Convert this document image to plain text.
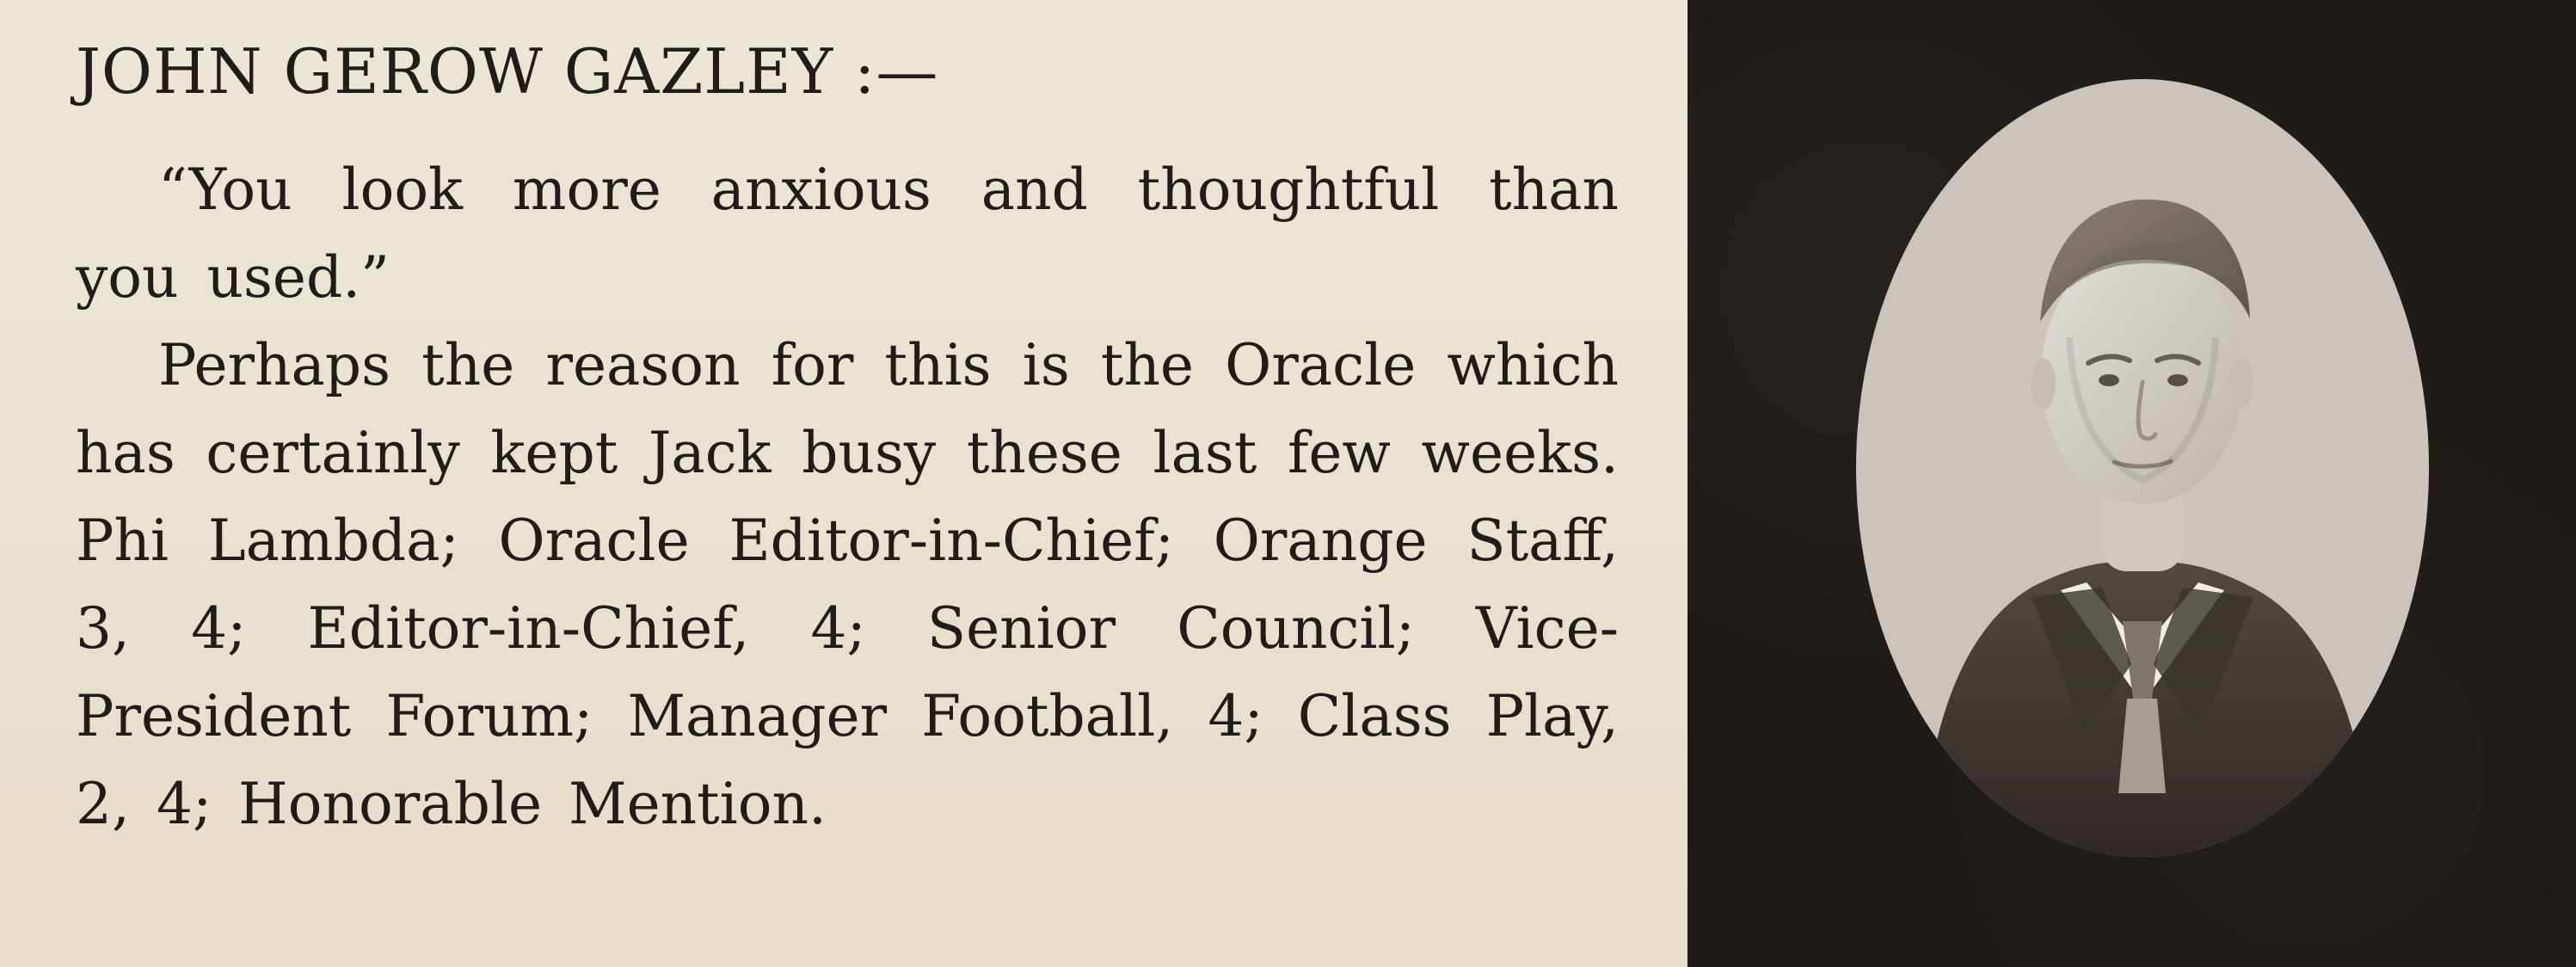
JOHN GEROW GAZLEY :—

“You look more anxious and thoughtful than you used.”

Perhaps the reason for this is the Oracle which has certainly kept Jack busy these last few weeks. Phi Lambda; Oracle Editor-in-Chief; Orange Staff, 3, 4; Editor-in-Chief, 4; Senior Council; Vice-President Forum; Manager Football, 4; Class Play, 2, 4; Honorable Mention.
